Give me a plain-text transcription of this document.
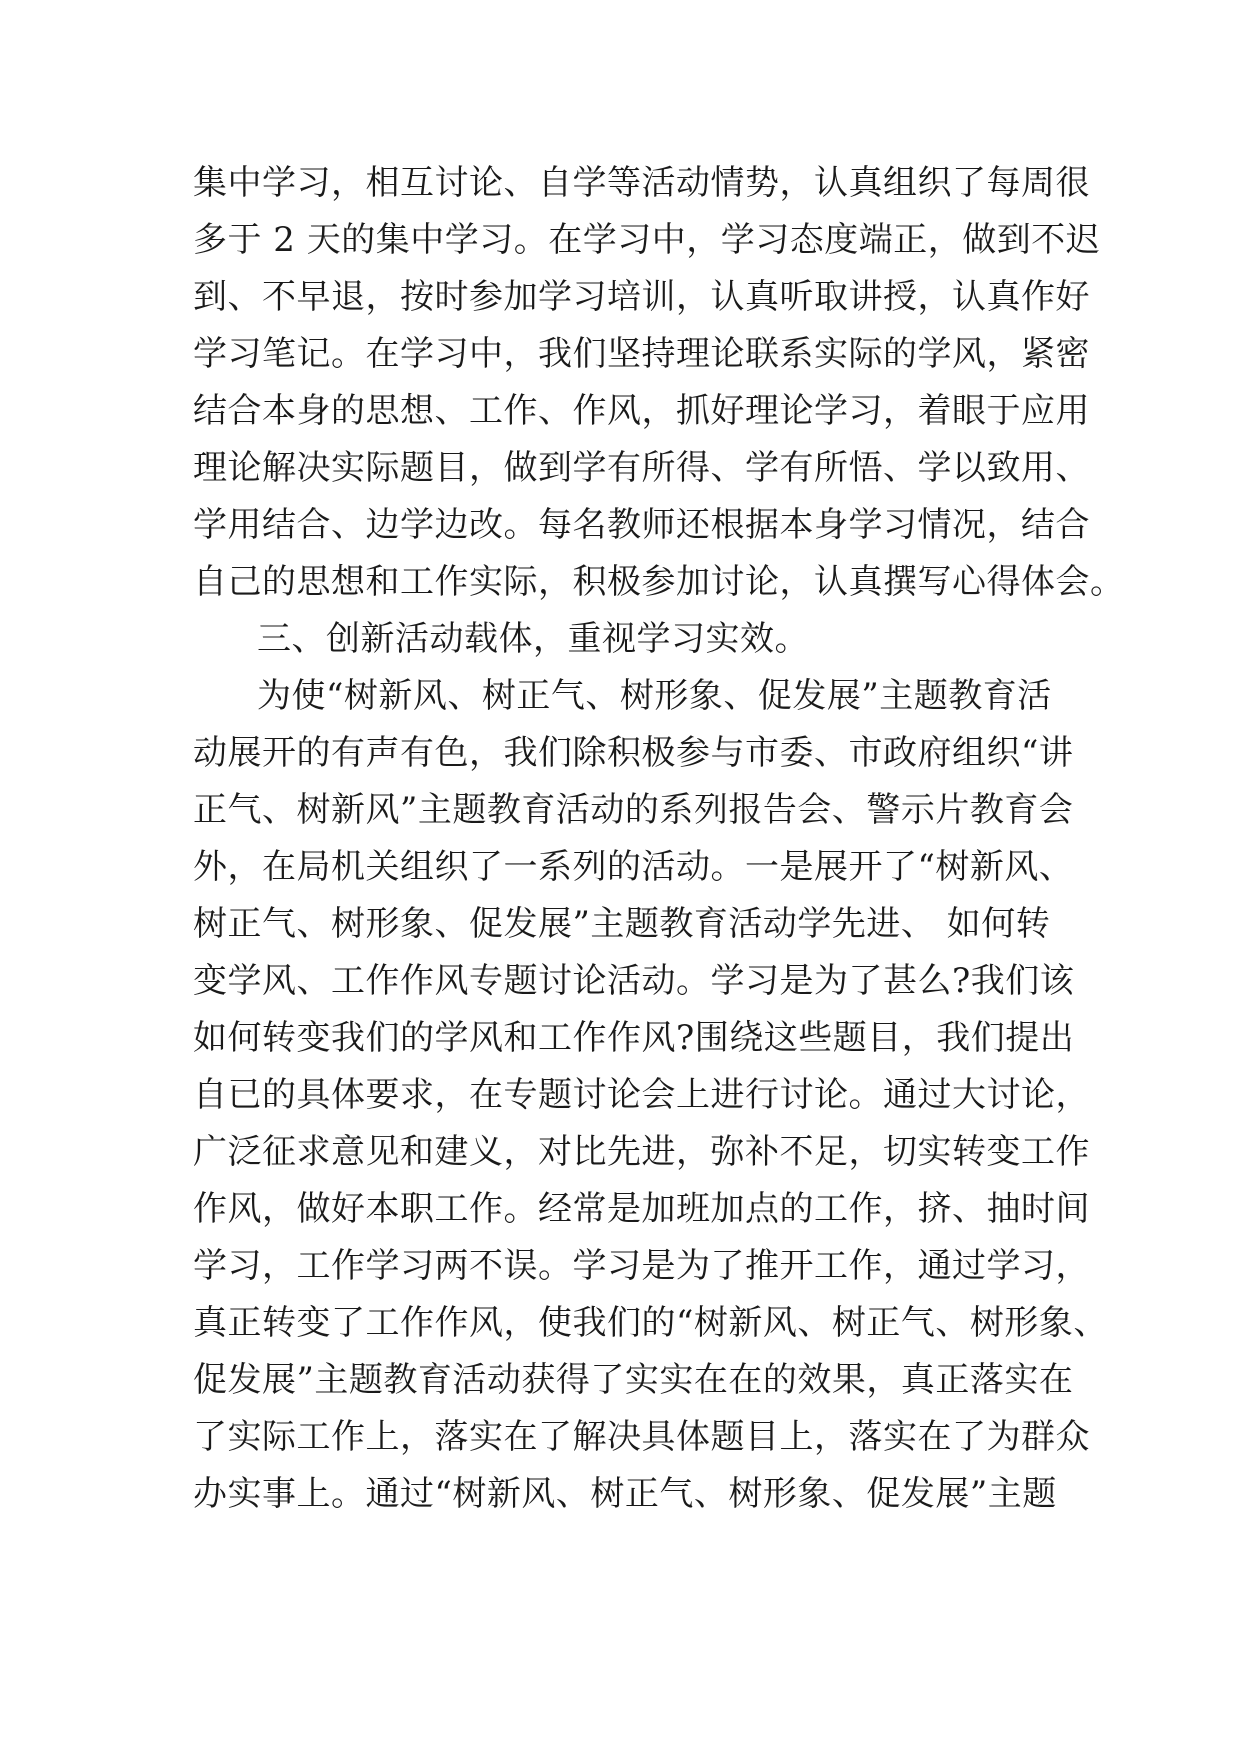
集中学习，相互讨论、自学等活动情势，认真组织了每周很
多于 2 天的集中学习。在学习中，学习态度端正，做到不迟
到、不早退，按时参加学习培训，认真听取讲授，认真作好
学习笔记。在学习中，我们坚持理论联系实际的学风，紧密
结合本身的思想、工作、作风，抓好理论学习，着眼于应用
理论解决实际题目，做到学有所得、学有所悟、学以致用、
学用结合、边学边改。每名教师还根据本身学习情况，结合
自己的思想和工作实际，积极参加讨论，认真撰写心得体会。
三、创新活动载体，重视学习实效。
为使“树新风、树正气、树形象、促发展”主题教育活
动展开的有声有色，我们除积极参与市委、市政府组织“讲
正气、树新风”主题教育活动的系列报告会、警示片教育会
外，在局机关组织了一系列的活动。一是展开了“树新风、
树正气、树形象、促发展”主题教育活动学先进、 如何转
变学风、工作作风专题讨论活动。学习是为了甚么?我们该
如何转变我们的学风和工作作风?围绕这些题目，我们提出
自已的具体要求，在专题讨论会上进行讨论。通过大讨论，
广泛征求意见和建义，对比先进，弥补不足，切实转变工作
作风，做好本职工作。经常是加班加点的工作，挤、抽时间
学习，工作学习两不误。学习是为了推开工作，通过学习，
真正转变了工作作风，使我们的“树新风、树正气、树形象、
促发展”主题教育活动获得了实实在在的效果，真正落实在
了实际工作上，落实在了解决具体题目上，落实在了为群众
办实事上。通过“树新风、树正气、树形象、促发展”主题
